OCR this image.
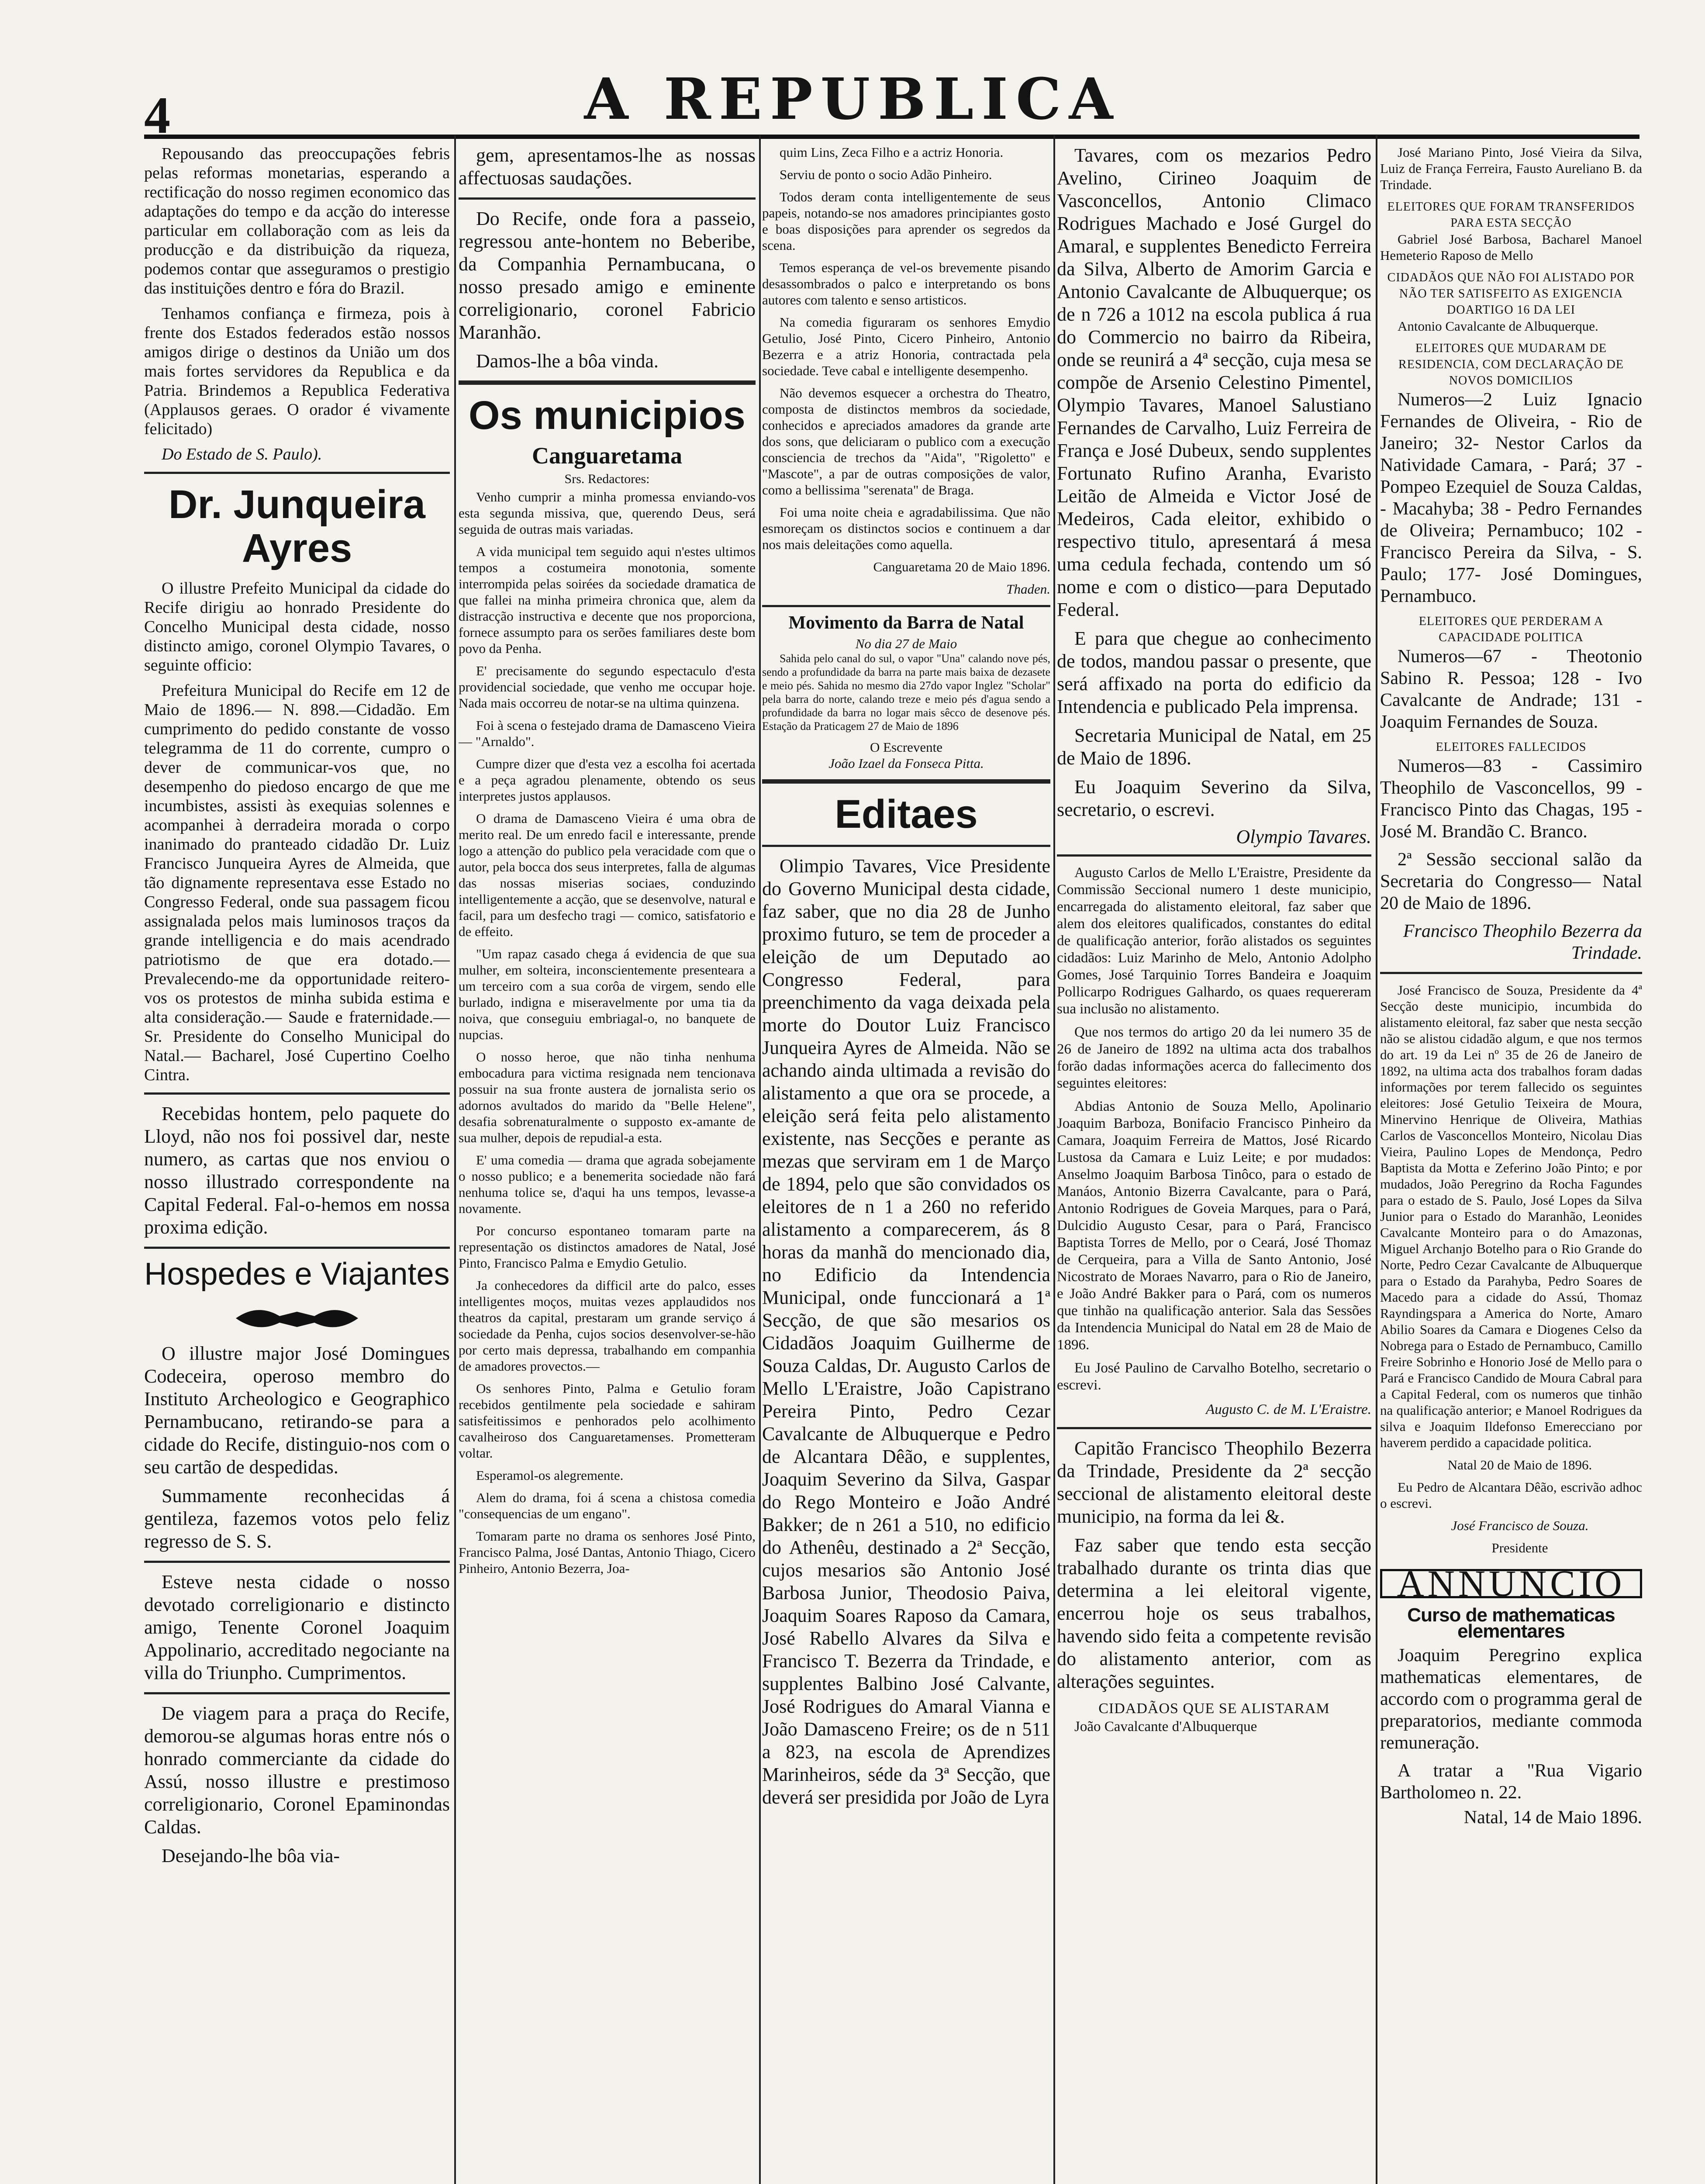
4	A REPUBLICA

Repousando das preoccupações febris pelas reformas monetarias, esperando a rectificação do nosso regimen economico das adaptações do tempo e da acção do interesse particular em collaboração com as leis da producção e da distribuição da riqueza, podemos contar que asseguramos o prestigio das instituições dentro e fóra do Brazil.

Tenhamos confiança e firmeza, pois à frente dos Estados federados estão nossos amigos dirige o destinos da União um dos mais fortes servidores da Republica e da Patria. Brindemos a Republica Federativa (Applausos geraes. O orador é vivamente felicitado)

Do Estado de S. Paulo).

Dr. Junqueira Ayres

O illustre Prefeito Municipal da cidade do Recife dirigiu ao honrado Presidente do Concelho Municipal desta cidade, nosso distincto amigo, coronel Olympio Tavares, o seguinte officio:

Prefeitura Municipal do Recife em 12 de Maio de 1896.— N. 898.—Cidadão. Em cumprimento do pedido constante de vosso telegramma de 11 do corrente, cumpro o dever de communicar-vos que, no desempenho do piedoso encargo de que me incumbistes, assisti às exequias solennes e acompanhei à derradeira morada o corpo inanimado do pranteado cidadão Dr. Luiz Francisco Junqueira Ayres de Almeida, que tão dignamente representava esse Estado no Congresso Federal, onde sua passagem ficou assignalada pelos mais luminosos traços da grande intelligencia e do mais acendrado patriotismo de que era dotado.— Prevalecendo-me da opportunidade reitero-vos os protestos de minha subida estima e alta consideração.— Saude e fraternidade.— Sr. Presidente do Conselho Municipal do Natal.— Bacharel, José Cupertino Coelho Cintra.

Recebidas hontem, pelo paquete do Lloyd, não nos foi possivel dar, neste numero, as cartas que nos enviou o nosso illustrado correspondente na Capital Federal. Fal-o-hemos em nossa proxima edição.

Hospedes e Viajantes

O illustre major José Domingues Codeceira, operoso membro do Instituto Archeologico e Geographico Pernambucano, retirando-se para a cidade do Recife, distinguio-nos com o seu cartão de despedidas.

Summamente reconhecidas á gentileza, fazemos votos pelo feliz regresso de S. S.

Esteve nesta cidade o nosso devotado correligionario e distincto amigo, Tenente Coronel Joaquim Appolinario, accreditado negociante na villa do Triunpho. Cumprimentos.

De viagem para a praça do Recife, demorou-se algumas horas entre nós o honrado commerciante da cidade do Assú, nosso illustre e prestimoso correligionario, Coronel Epaminondas Caldas.

Desejando-lhe bôa via-

gem, apresentamos-lhe as nossas affectuosas saudações.

Do Recife, onde fora a passeio, regressou ante-hontem no Beberibe, da Companhia Pernambucana, o nosso presado amigo e eminente correligionario, coronel Fabricio Maranhão.

Damos-lhe a bôa vinda.

Os municipios
Canguaretama
Srs. Redactores:

Venho cumprir a minha promessa enviando-vos esta segunda missiva, que, querendo Deus, será seguida de outras mais variadas.

A vida municipal tem seguido aqui n'estes ultimos tempos a costumeira monotonia, somente interrompida pelas soirées da sociedade dramatica de que fallei na minha primeira chronica que, alem da distracção instructiva e decente que nos proporciona, fornece assumpto para os serões familiares deste bom povo da Penha.

E' precisamente do segundo espectaculo d'esta providencial sociedade, que venho me occupar hoje. Nada mais occorreu de notar-se na ultima quinzena.

Foi à scena o festejado drama de Damasceno Vieira — "Arnaldo".

Cumpre dizer que d'esta vez a escolha foi acertada e a peça agradou plenamente, obtendo os seus interpretes justos applausos.

O drama de Damasceno Vieira é uma obra de merito real. De um enredo facil e interessante, prende logo a attenção do publico pela veracidade com que o autor, pela bocca dos seus interpretes, falla de algumas das nossas miserias sociaes, conduzindo intelligentemente a acção, que se desenvolve, natural e facil, para um desfecho tragi — comico, satisfatorio e de effeito.

"Um rapaz casado chega á evidencia de que sua mulher, em solteira, inconscientemente presenteara a um terceiro com a sua corôa de virgem, sendo elle burlado, indigna e miseravelmente por uma tia da noiva, que conseguiu embriagal-o, no banquete de nupcias.

O nosso heroe, que não tinha nenhuma embocadura para victima resignada nem tencionava possuir na sua fronte austera de jornalista serio os adornos avultados do marido da "Belle Helene", desafia sobrenaturalmente o supposto ex-amante de sua mulher, depois de repudial-a esta.

E' uma comedia — drama que agrada sobejamente o nosso publico; e a benemerita sociedade não fará nenhuma tolice se, d'aqui ha uns tempos, levasse-a novamente.

Por concurso espontaneo tomaram parte na representação os distinctos amadores de Natal, José Pinto, Francisco Palma e Emydio Getulio.

Ja conhecedores da difficil arte do palco, esses intelligentes moços, muitas vezes applaudidos nos theatros da capital, prestaram um grande serviço á sociedade da Penha, cujos socios desenvolver-se-hão por certo mais depressa, trabalhando em companhia de amadores provectos.—

Os senhores Pinto, Palma e Getulio foram recebidos gentilmente pela sociedade e sahiram satisfeitissimos e penhorados pelo acolhimento cavalheiroso dos Canguaretamenses. Prometteram voltar.

Esperamol-os alegremente.

Alem do drama, foi á scena a chistosa comedia "consequencias de um engano".

Tomaram parte no drama os senhores José Pinto, Francisco Palma, José Dantas, Antonio Thiago, Cicero Pinheiro, Antonio Bezerra, Joa-

quim Lins, Zeca Filho e a actriz Honoria.

Serviu de ponto o socio Adão Pinheiro.

Todos deram conta intelligentemente de seus papeis, notando-se nos amadores principiantes gosto e boas disposições para aprender os segredos da scena.

Temos esperança de vel-os brevemente pisando desassombrados o palco e interpretando os bons autores com talento e senso artisticos.

Na comedia figuraram os senhores Emydio Getulio, José Pinto, Cicero Pinheiro, Antonio Bezerra e a atriz Honoria, contractada pela sociedade. Teve cabal e intelligente desempenho.

Não devemos esquecer a orchestra do Theatro, composta de distinctos membros da sociedade, conhecidos e apreciados amadores da grande arte dos sons, que deliciaram o publico com a execução consciencia de trechos da "Aida", "Rigoletto" e "Mascote", a par de outras composições de valor, como a bellissima "serenata" de Braga.

Foi uma noite cheia e agradabilissima. Que não esmoreçam os distinctos socios e continuem a dar nos mais deleitações como aquella.

Canguaretama 20 de Maio 1896.

Thaden.

Movimento da Barra de Natal
No dia 27 de Maio

Sahida pelo canal do sul, o vapor "Una" calando nove pés, sendo a profundidade da barra na parte mais baixa de dezasete e meio pés. Sahida no mesmo dia 27do vapor Inglez "Scholar" pela barra do norte, calando treze e meio pés d'agua sendo a profundidade da barra no logar mais sêcco de desenove pés. Estação da Praticagem 27 de Maio de 1896

O Escrevente
João Izael da Fonseca Pitta.
Editaes

Olimpio Tavares, Vice Presidente do Governo Municipal desta cidade, faz saber, que no dia 28 de Junho proximo futuro, se tem de proceder a eleição de um Deputado ao Congresso Federal, para preenchimento da vaga deixada pela morte do Doutor Luiz Francisco Junqueira Ayres de Almeida. Não se achando ainda ultimada a revisão do alistamento a que ora se procede, a eleição será feita pelo alistamento existente, nas Secções e perante as mezas que serviram em 1 de Março de 1894, pelo que são convidados os eleitores de n 1 a 260 no referido alistamento a comparecerem, ás 8 horas da manhã do mencionado dia, no Edificio da Intendencia Municipal, onde funccionará a 1ª Secção, de que são mesarios os Cidadãos Joaquim Guilherme de Souza Caldas, Dr. Augusto Carlos de Mello L'Eraistre, João Capistrano Pereira Pinto, Pedro Cezar Cavalcante de Albuquerque e Pedro de Alcantara Dêão, e supplentes, Joaquim Severino da Silva, Gaspar do Rego Monteiro e João André Bakker; de n 261 a 510, no edificio do Athenêu, destinado a 2ª Secção, cujos mesarios são Antonio José Barbosa Junior, Theodosio Paiva, Joaquim Soares Raposo da Camara, José Rabello Alvares da Silva e Francisco T. Bezerra da Trindade, e supplentes Balbino José Calvante, José Rodrigues do Amaral Vianna e João Damasceno Freire; os de n 511 a 823, na escola de Aprendizes Marinheiros, séde da 3ª Secção, que deverá ser presidida por João de Lyra

Tavares, com os mezarios Pedro Avelino, Cirineo Joaquim de Vasconcellos, Antonio Climaco Rodrigues Machado e José Gurgel do Amaral, e supplentes Benedicto Ferreira da Silva, Alberto de Amorim Garcia e Antonio Cavalcante de Albuquerque; os de n 726 a 1012 na escola publica á rua do Commercio no bairro da Ribeira, onde se reunirá a 4ª secção, cuja mesa se compõe de Arsenio Celestino Pimentel, Olympio Tavares, Manoel Salustiano Fernandes de Carvalho, Luiz Ferreira de França e José Dubeux, sendo supplentes Fortunato Rufino Aranha, Evaristo Leitão de Almeida e Victor José de Medeiros, Cada eleitor, exhibido o respectivo titulo, apresentará á mesa uma cedula fechada, contendo um só nome e com o distico—para Deputado Federal.

E para que chegue ao conhecimento de todos, mandou passar o presente, que será affixado na porta do edificio da Intendencia e publicado Pela imprensa.

Secretaria Municipal de Natal, em 25 de Maio de 1896.

Eu Joaquim Severino da Silva, secretario, o escrevi.

Olympio Tavares.

Augusto Carlos de Mello L'Eraistre, Presidente da Commissão Seccional numero 1 deste municipio, encarregada do alistamento eleitoral, faz saber que alem dos eleitores qualificados, constantes do edital de qualificação anterior, forão alistados os seguintes cidadãos: Luiz Marinho de Melo, Antonio Adolpho Gomes, José Tarquinio Torres Bandeira e Joaquim Pollicarpo Rodrigues Galhardo, os quaes requereram sua inclusão no alistamento.

Que nos termos do artigo 20 da lei numero 35 de 26 de Janeiro de 1892 na ultima acta dos trabalhos forão dadas informações acerca do fallecimento dos seguintes eleitores:

Abdias Antonio de Souza Mello, Apolinario Joaquim Barboza, Bonifacio Francisco Pinheiro da Camara, Joaquim Ferreira de Mattos, José Ricardo Lustosa da Camara e Luiz Leite; e por mudados: Anselmo Joaquim Barbosa Tinôco, para o estado de Manáos, Antonio Bizerra Cavalcante, para o Pará, Antonio Rodrigues de Goveia Marques, para o Pará, Dulcidio Augusto Cesar, para o Pará, Francisco Baptista Torres de Mello, por o Ceará, José Thomaz de Cerqueira, para a Villa de Santo Antonio, José Nicostrato de Moraes Navarro, para o Rio de Janeiro, e João André Bakker para o Pará, com os numeros que tinhão na qualificação anterior. Sala das Sessões da Intendencia Municipal do Natal em 28 de Maio de 1896.

Eu José Paulino de Carvalho Botelho, secretario o escrevi.

Augusto C. de M. L'Eraistre.

Capitão Francisco Theophilo Bezerra da Trindade, Presidente da 2ª secção seccional de alistamento eleitoral deste municipio, na forma da lei &.

Faz saber que tendo esta secção trabalhado durante os trinta dias que determina a lei eleitoral vigente, encerrou hoje os seus trabalhos, havendo sido feita a competente revisão do alistamento anterior, com as alterações seguintes.

CIDADÃOS QUE SE ALISTARAM

João Cavalcante d'Albuquerque

José Mariano Pinto, José Vieira da Silva, Luiz de França Ferreira, Fausto Aureliano B. da Trindade.

ELEITORES QUE FORAM TRANSFERIDOS PARA ESTA SECÇÃO

Gabriel José Barbosa, Bacharel Manoel Hemeterio Raposo de Mello

CIDADÃOS QUE NÃO FOI ALISTADO POR NÃO TER SATISFEITO AS EXIGENCIA DOARTIGO 16 DA LEI

Antonio Cavalcante de Albuquerque.

ELEITORES QUE MUDARAM DE RESIDENCIA, COM DECLARAÇÃO DE NOVOS DOMICILIOS

Numeros—2 Luiz Ignacio Fernandes de Oliveira, - Rio de Janeiro; 32- Nestor Carlos da Natividade Camara, - Pará; 37 - Pompeo Ezequiel de Souza Caldas, - Macahyba; 38 - Pedro Fernandes de Oliveira; Pernambuco; 102 - Francisco Pereira da Silva, - S. Paulo; 177- José Domingues, Pernambuco.

ELEITORES QUE PERDERAM A CAPACIDADE POLITICA

Numeros—67 - Theotonio Sabino R. Pessoa; 128 - Ivo Cavalcante de Andrade; 131 - Joaquim Fernandes de Souza.

ELEITORES FALLECIDOS

Numeros—83 - Cassimiro Theophilo de Vasconcellos, 99 - Francisco Pinto das Chagas, 195 - José M. Brandão C. Branco.

2ª Sessão seccional salão da Secretaria do Congresso— Natal 20 de Maio de 1896.

Francisco Theophilo Bezerra da Trindade.

José Francisco de Souza, Presidente da 4ª Secção deste municipio, incumbida do alistamento eleitoral, faz saber que nesta secção não se alistou cidadão algum, e que nos termos do art. 19 da Lei nº 35 de 26 de Janeiro de 1892, na ultima acta dos trabalhos foram dadas informações por terem fallecido os seguintes eleitores: José Getulio Teixeira de Moura, Minervino Henrique de Oliveira, Mathias Carlos de Vasconcellos Monteiro, Nicolau Dias Vieira, Paulino Lopes de Mendonça, Pedro Baptista da Motta e Zeferino João Pinto; e por mudados, João Peregrino da Rocha Fagundes para o estado de S. Paulo, José Lopes da Silva Junior para o Estado do Maranhão, Leonides Cavalcante Monteiro para o do Amazonas, Miguel Archanjo Botelho para o Rio Grande do Norte, Pedro Cezar Cavalcante de Albuquerque para o Estado da Parahyba, Pedro Soares de Macedo para a cidade do Assú, Thomaz Rayndingspara a America do Norte, Amaro Abilio Soares da Camara e Diogenes Celso da Nobrega para o Estado de Pernambuco, Camillo Freire Sobrinho e Honorio José de Mello para o Pará e Francisco Candido de Moura Cabral para a Capital Federal, com os numeros que tinhão na qualificação anterior; e Manoel Rodrigues da silva e Joaquim Ildefonso Emerecciano por haverem perdido a capacidade politica.

Natal 20 de Maio de 1896.

Eu Pedro de Alcantara Dêão, escrivão adhoc o escrevi.

José Francisco de Souza.

Presidente

ANNUNCIO
Curso de mathematicas elementares

Joaquim Peregrino explica mathematicas elementares, de accordo com o programma geral de preparatorios, mediante commoda remuneração.

A tratar a "Rua Vigario Bartholomeo n. 22.

Natal, 14 de Maio 1896.
